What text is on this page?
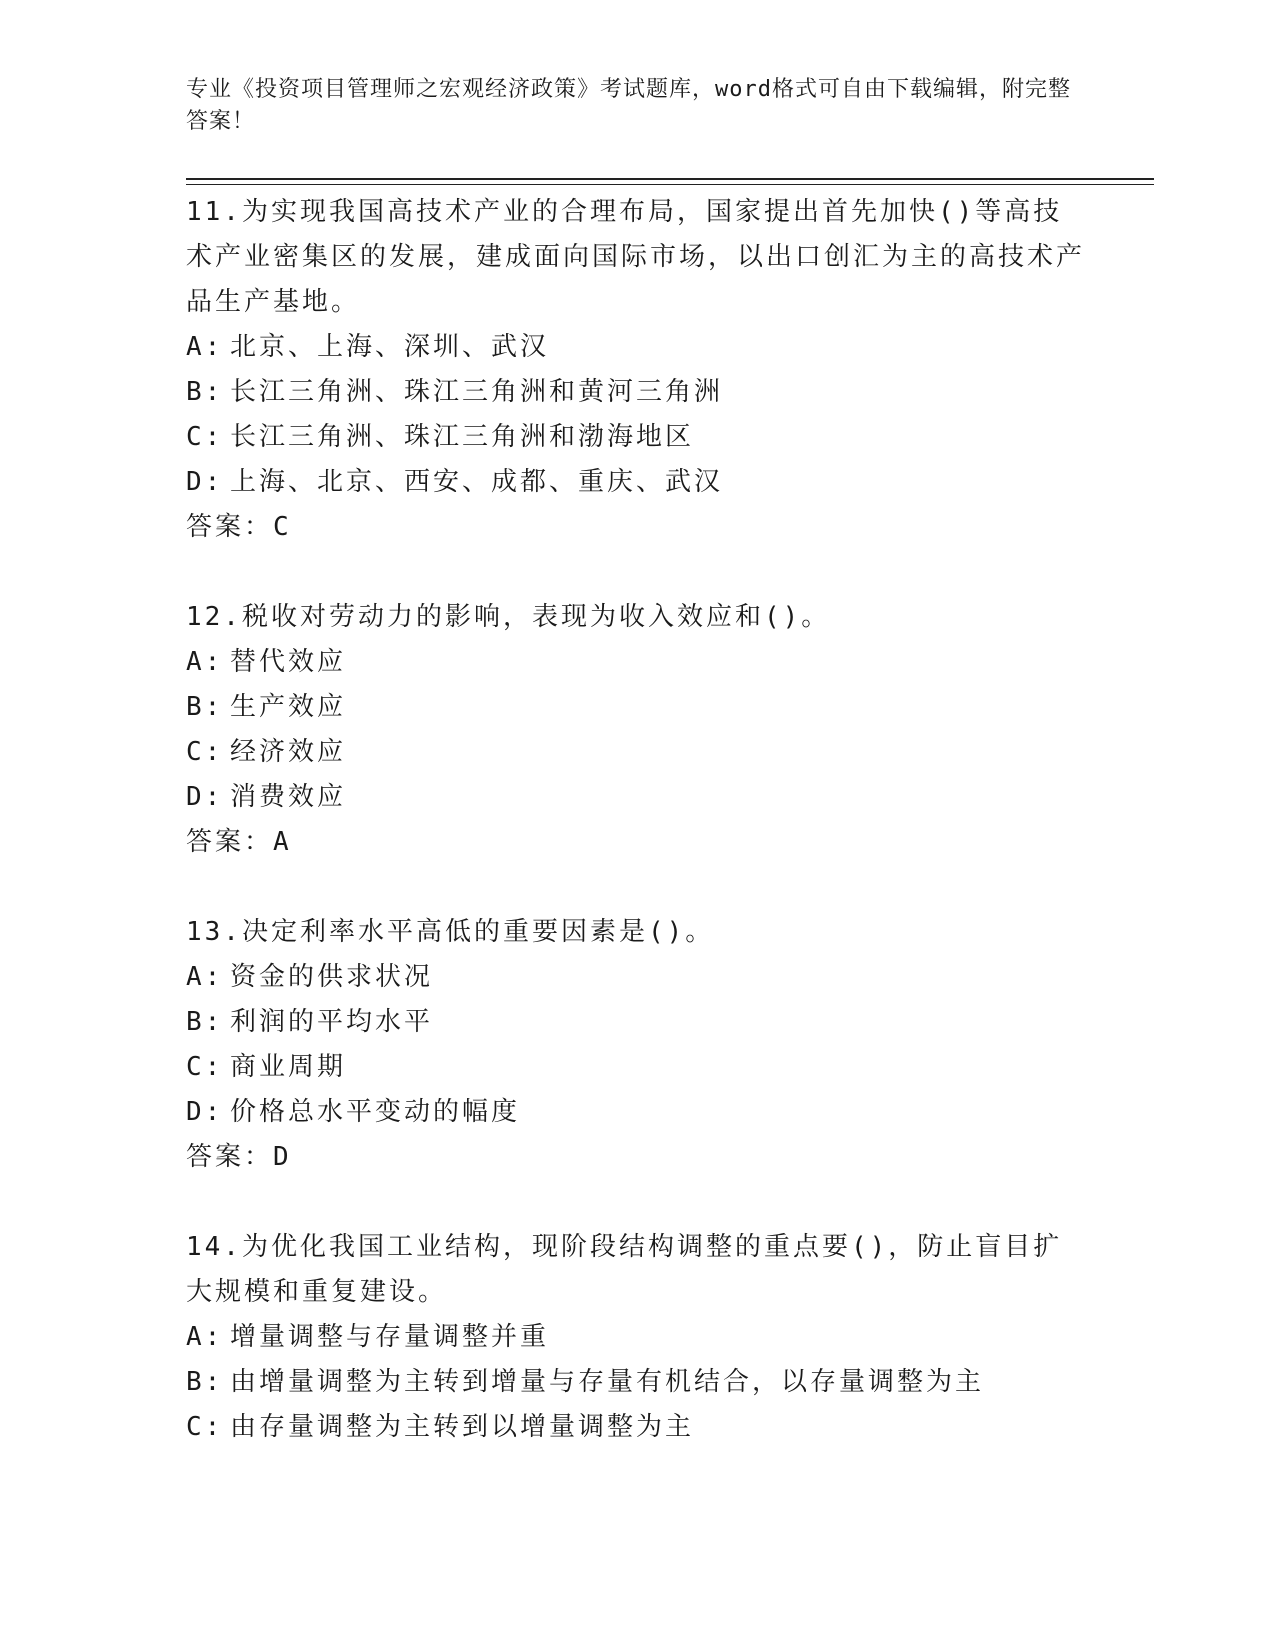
专业《投资项目管理师之宏观经济政策》考试题库，word格式可自由下载编辑，附完整答案！
11.为实现我国高技术产业的合理布局，国家提出首先加快()等高技术产业密集区的发展，建成面向国际市场，以出口创汇为主的高技术产品生产基地。
A: 北京、上海、深圳、武汉
B: 长江三角洲、珠江三角洲和黄河三角洲
C: 长江三角洲、珠江三角洲和渤海地区
D: 上海、北京、西安、成都、重庆、武汉
答案：C
12.税收对劳动力的影响，表现为收入效应和()。
A: 替代效应
B: 生产效应
C: 经济效应
D: 消费效应
答案：A
13.决定利率水平高低的重要因素是()。
A: 资金的供求状况
B: 利润的平均水平
C: 商业周期
D: 价格总水平变动的幅度
答案：D
14.为优化我国工业结构，现阶段结构调整的重点要()，防止盲目扩大规模和重复建设。
A: 增量调整与存量调整并重
B: 由增量调整为主转到增量与存量有机结合，以存量调整为主
C: 由存量调整为主转到以增量调整为主
